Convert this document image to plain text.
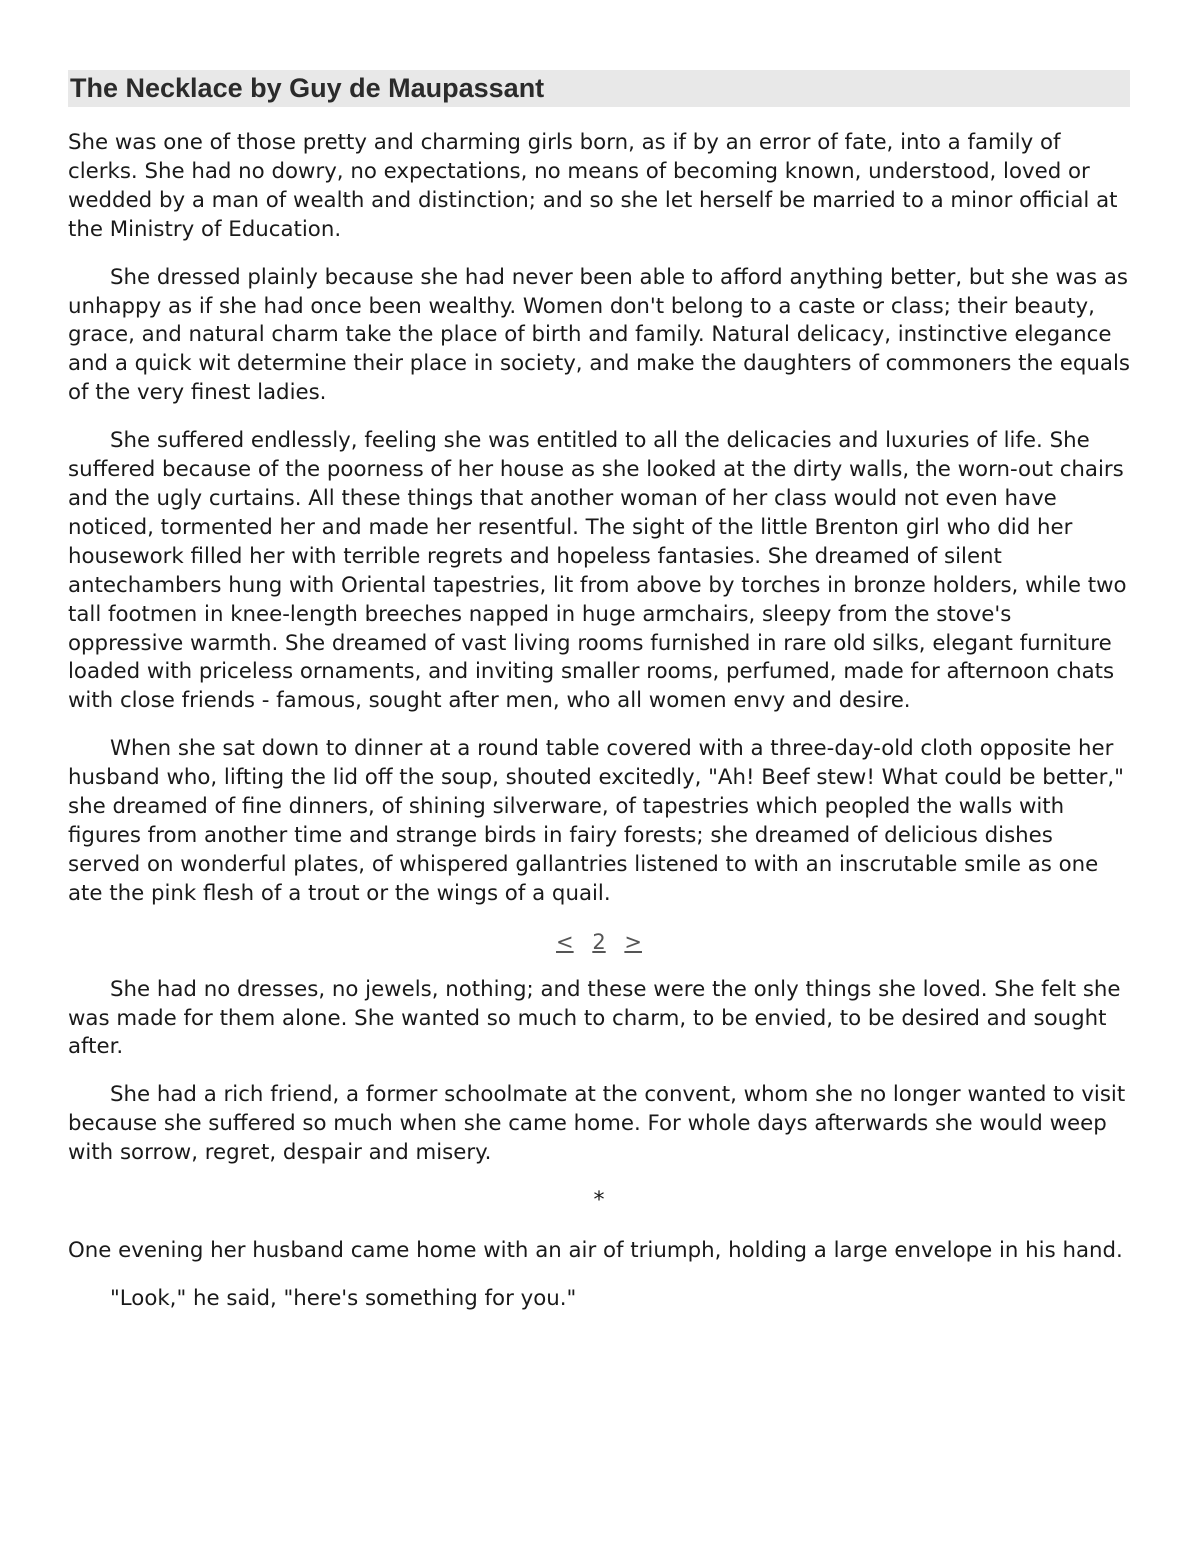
The Necklace by Guy de Maupassant

She was one of those pretty and charming girls born, as if by an error of fate, into a family of clerks. She had no dowry, no expectations, no means of becoming known, understood, loved or wedded by a man of wealth and distinction; and so she let herself be married to a minor official at the Ministry of Education.

She dressed plainly because she had never been able to afford anything better, but she was as unhappy as if she had once been wealthy. Women don't belong to a caste or class; their beauty, grace, and natural charm take the place of birth and family. Natural delicacy, instinctive elegance and a quick wit determine their place in society, and make the daughters of commoners the equals of the very finest ladies.

She suffered endlessly, feeling she was entitled to all the delicacies and luxuries of life. She suffered because of the poorness of her house as she looked at the dirty walls, the worn-out chairs and the ugly curtains. All these things that another woman of her class would not even have noticed, tormented her and made her resentful. The sight of the little Brenton girl who did her housework filled her with terrible regrets and hopeless fantasies. She dreamed of silent antechambers hung with Oriental tapestries, lit from above by torches in bronze holders, while two tall footmen in knee-length breeches napped in huge armchairs, sleepy from the stove's oppressive warmth. She dreamed of vast living rooms furnished in rare old silks, elegant furniture loaded with priceless ornaments, and inviting smaller rooms, perfumed, made for afternoon chats with close friends - famous, sought after men, who all women envy and desire.

When she sat down to dinner at a round table covered with a three-day-old cloth opposite her husband who, lifting the lid off the soup, shouted excitedly, "Ah! Beef stew! What could be better," she dreamed of fine dinners, of shining silverware, of tapestries which peopled the walls with figures from another time and strange birds in fairy forests; she dreamed of delicious dishes served on wonderful plates, of whispered gallantries listened to with an inscrutable smile as one ate the pink flesh of a trout or the wings of a quail.

< 2 >

She had no dresses, no jewels, nothing; and these were the only things she loved. She felt she was made for them alone. She wanted so much to charm, to be envied, to be desired and sought after.

She had a rich friend, a former schoolmate at the convent, whom she no longer wanted to visit because she suffered so much when she came home. For whole days afterwards she would weep with sorrow, regret, despair and misery.

*

One evening her husband came home with an air of triumph, holding a large envelope in his hand.

"Look," he said, "here's something for you."
